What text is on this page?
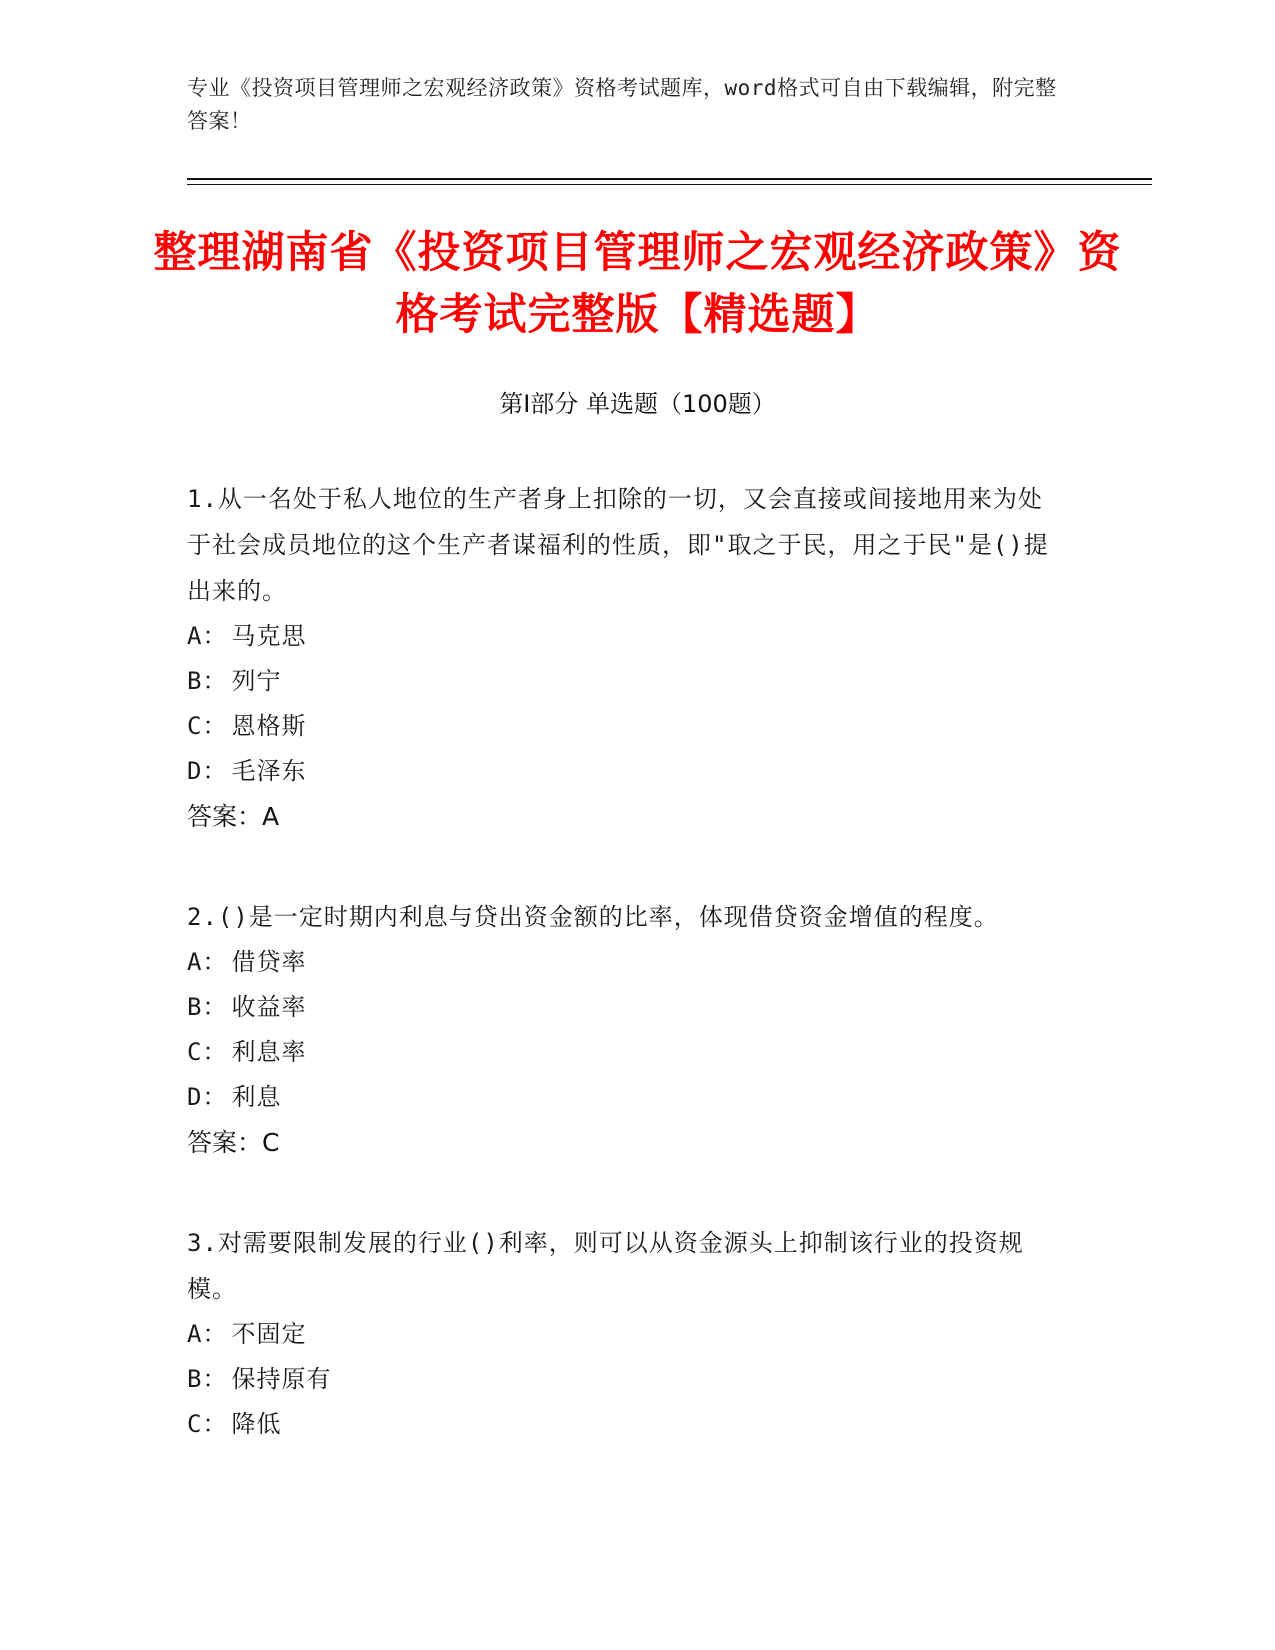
专业《投资项目管理师之宏观经济政策》资格考试题库，word格式可自由下载编辑，附完整答案！
整理湖南省《投资项目管理师之宏观经济政策》资格考试完整版【精选题】
第Ⅰ部分 单选题（100题）
1 . 从一名处于私人地位的生产者身上扣除的一切，又会直接或间接地用来为处于社会成员地位的这个生产者谋福利的性质，即"取之于民，用之于民"是()提出来的。
A ： 马克思
B ： 列宁
C ： 恩格斯
D ： 毛泽东
答案：A
2 . ()是一定时期内利息与贷出资金额的比率，体现借贷资金增值的程度。
A ： 借贷率
B ： 收益率
C ： 利息率
D ： 利息
答案：C
3 . 对需要限制发展的行业()利率，则可以从资金源头上抑制该行业的投资规模。
A ： 不固定
B ： 保持原有
C ： 降低
